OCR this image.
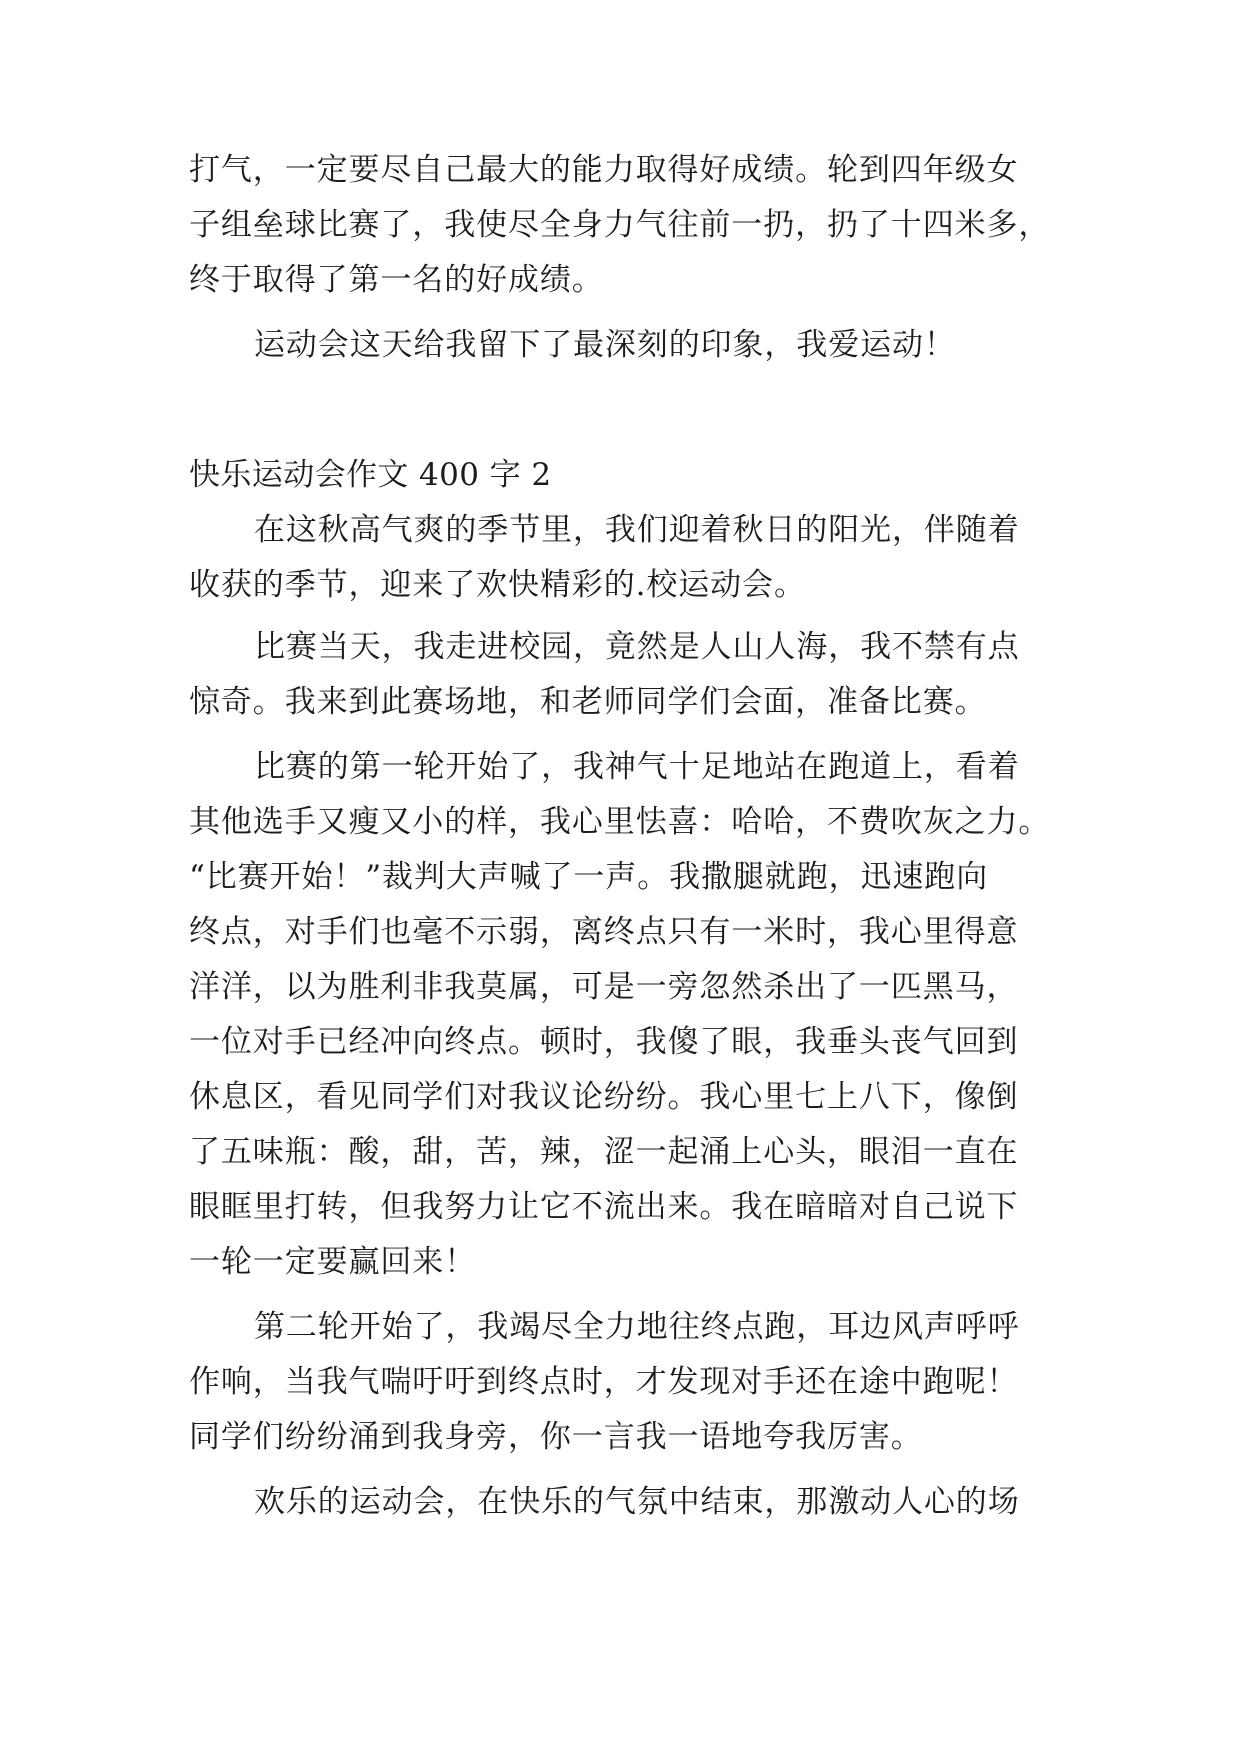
打气，一定要尽自己最大的能力取得好成绩。轮到四年级女
子组垒球比赛了，我使尽全身力气往前一扔，扔了十四米多，
终于取得了第一名的好成绩。
运动会这天给我留下了最深刻的印象，我爱运动！
快乐运动会作文 400 字 2
在这秋高气爽的季节里，我们迎着秋日的阳光，伴随着
收获的季节，迎来了欢快精彩的.校运动会。
比赛当天，我走进校园，竟然是人山人海，我不禁有点
惊奇。我来到此赛场地，和老师同学们会面，准备比赛。
比赛的第一轮开始了，我神气十足地站在跑道上，看着
其他选手又瘦又小的样，我心里怯喜：哈哈，不费吹灰之力。
“比赛开始！”裁判大声喊了一声。我撒腿就跑，迅速跑向
终点，对手们也毫不示弱，离终点只有一米时，我心里得意
洋洋，以为胜利非我莫属，可是一旁忽然杀出了一匹黑马，
一位对手已经冲向终点。顿时，我傻了眼，我垂头丧气回到
休息区，看见同学们对我议论纷纷。我心里七上八下，像倒
了五味瓶：酸，甜，苦，辣，涩一起涌上心头，眼泪一直在
眼眶里打转，但我努力让它不流出来。我在暗暗对自己说下
一轮一定要赢回来！
第二轮开始了，我竭尽全力地往终点跑，耳边风声呼呼
作响，当我气喘吁吁到终点时，才发现对手还在途中跑呢！
同学们纷纷涌到我身旁，你一言我一语地夸我厉害。
欢乐的运动会，在快乐的气氛中结束，那激动人心的场
